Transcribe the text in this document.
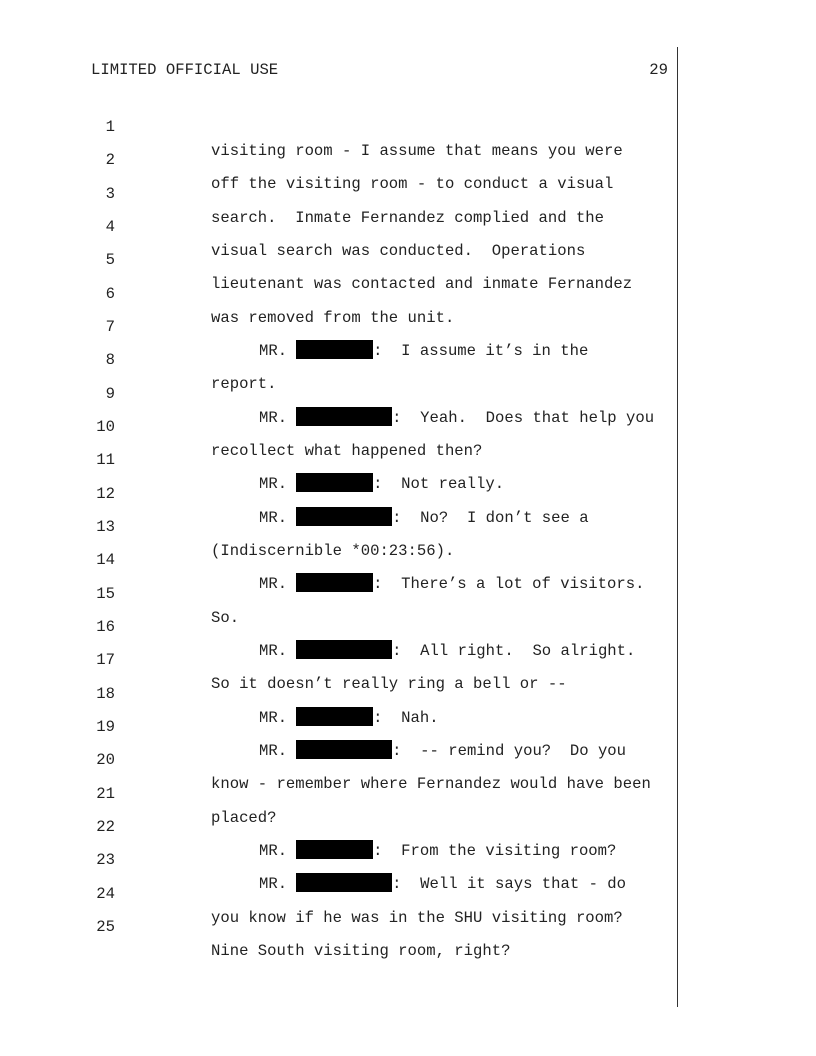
LIMITED OFFICIAL USE	29

1

visiting room - I assume that means you were

2

off the visiting room - to conduct a visual

3

search.  Inmate Fernandez complied and the

4

visual search was conducted.  Operations

5

lieutenant was contacted and inmate Fernandez

6

was removed from the unit.

7

MR.	:  I assume it’s in the

8

report.

9

MR.	:  Yeah.  Does that help you

10

recollect what happened then?

11

MR.	:  Not really.

12

MR.	:  No?  I don’t see a

13

(Indiscernible *00:23:56).

14

MR.	:  There’s a lot of visitors.

15

So.

16

MR.	:  All right.  So alright.

17

So it doesn’t really ring a bell or --

18

MR.	:  Nah.

19

MR.	:  -- remind you?  Do you

20

know - remember where Fernandez would have been

21

placed?

22

MR.	:  From the visiting room?

23

MR.	:  Well it says that - do

24

you know if he was in the SHU visiting room?

25

Nine South visiting room, right?
